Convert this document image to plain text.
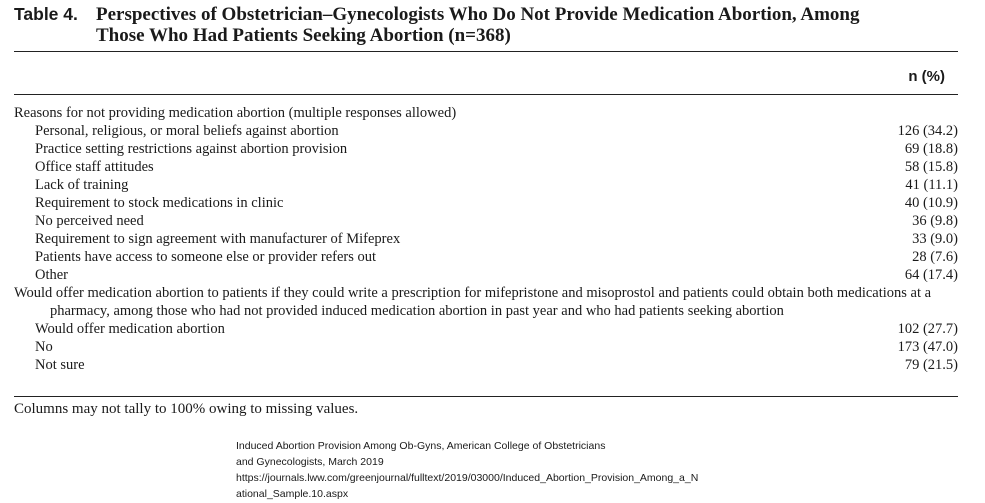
Table 4. Perspectives of Obstetrician–Gynecologists Who Do Not Provide Medication Abortion, Among
Those Who Had Patients Seeking Abortion (n=368)
n (%)
Reasons for not providing medication abortion (multiple responses allowed)
Personal, religious, or moral beliefs against abortion	126 (34.2)
Practice setting restrictions against abortion provision	69 (18.8)
Office staff attitudes	58 (15.8)
Lack of training	41 (11.1)
Requirement to stock medications in clinic	40 (10.9)
No perceived need	36 (9.8)
Requirement to sign agreement with manufacturer of Mifeprex	33 (9.0)
Patients have access to someone else or provider refers out	28 (7.6)
Other	64 (17.4)
Would offer medication abortion to patients if they could write a prescription for mifepristone and misoprostol and patients could obtain both medications at a pharmacy, among those who had not provided induced medication abortion in past year and who had patients seeking abortion
Would offer medication abortion	102 (27.7)
No	173 (47.0)
Not sure	79 (21.5)
Columns may not tally to 100% owing to missing values.
Induced Abortion Provision Among Ob-Gyns, American College of Obstetricians
and Gynecologists, March 2019
https://journals.lww.com/greenjournal/fulltext/2019/03000/Induced_Abortion_Provision_Among_a_N
ational_Sample.10.aspx
